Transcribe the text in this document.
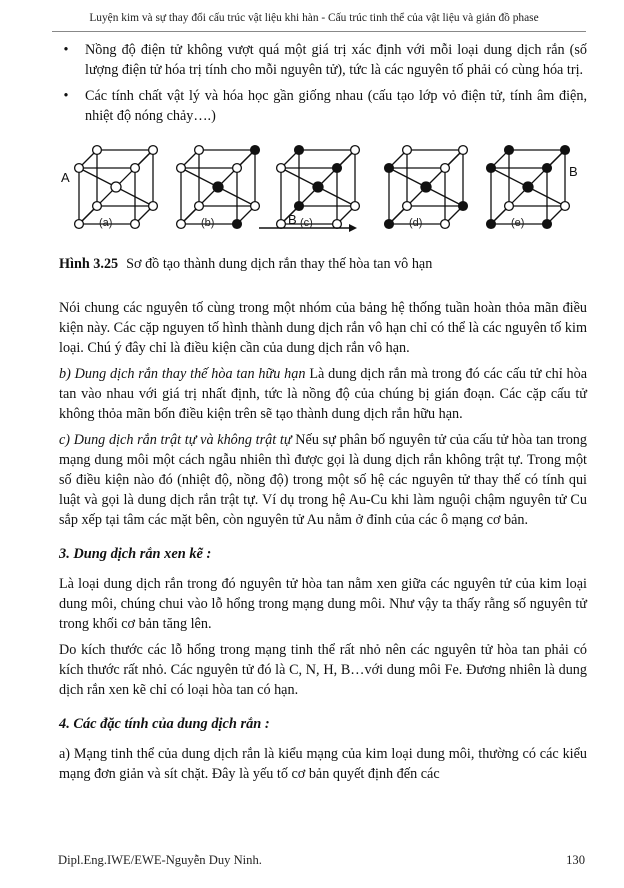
Luyện kim và sự thay đổi cấu trúc vật liệu khi hàn - Cấu trúc tinh thể của vật liệu và giản đồ phase

•	Nồng độ điện tử không vượt quá một giá trị xác định với mỗi loại dung dịch rắn (số lượng điện tử hóa trị tính cho mỗi nguyên tử), tức là các nguyên tố phải có cùng hóa trị.

•	Các tính chất vật lý và hóa học gần giống nhau (cấu tạo lớp vỏ điện tử, tính âm điện, nhiệt độ nóng chảy….)

A	B
B
(a)	(b)	(c)	(d)	(e)

Hình 3.25 Sơ đồ tạo thành dung dịch rắn thay thế hòa tan vô hạn

Nói chung các nguyên tố cùng trong một nhóm của bảng hệ thống tuần hoàn thỏa mãn điều kiện này. Các cặp nguyen tố hình thành dung dịch rắn vô hạn chỉ có thể là các nguyên tố kim loại. Chú ý đây chỉ là điều kiện cần của dung dịch rắn vô hạn.

b) Dung dịch rắn thay thế hòa tan hữu hạn Là dung dịch rắn mà trong đó các cấu tử chỉ hòa tan vào nhau với giá trị nhất định, tức là nồng độ của chúng bị gián đoạn. Các cặp cấu tử không thỏa mãn bốn điều kiện trên sẽ tạo thành dung dịch rắn hữu hạn.

c) Dung dịch rắn trật tự và không trật tự Nếu sự phân bố nguyên tử của cấu tử hòa tan trong mạng dung môi một cách ngẫu nhiên thì được gọi là dung dịch rắn không trật tự. Trong một số điều kiện nào đó (nhiệt độ, nồng độ) trong một số hệ các nguyên tử thay thế có tính qui luật và gọi là dung dịch rắn trật tự. Ví dụ trong hệ Au-Cu khi làm nguội chậm nguyên tử Cu sắp xếp tại tâm các mặt bên, còn nguyên tử Au nằm ở đỉnh của các ô mạng cơ bản.

3. Dung dịch rắn xen kẽ :

Là loại dung dịch rắn trong đó nguyên tử hòa tan nằm xen giữa các nguyên tử của kim loại dung môi, chúng chui vào lỗ hổng trong mạng dung môi. Như vậy ta thấy rằng số nguyên tử trong khối cơ bản tăng lên.

Do kích thước các lỗ hổng trong mạng tinh thể rất nhỏ nên các nguyên tử hòa tan phải có kích thước rất nhỏ. Các nguyên tử đó là C, N, H, B…với dung môi Fe. Đương nhiên là dung dịch rắn xen kẽ chỉ có loại hòa tan có hạn.

4. Các đặc tính của dung dịch rắn :

a) Mạng tinh thể của dung dịch rắn là kiểu mạng của kim loại dung môi, thường có các kiểu mạng đơn giản và sít chặt. Đây là yếu tố cơ bản quyết định đến các

Dipl.Eng.IWE/EWE-Nguyễn Duy Ninh.	130
